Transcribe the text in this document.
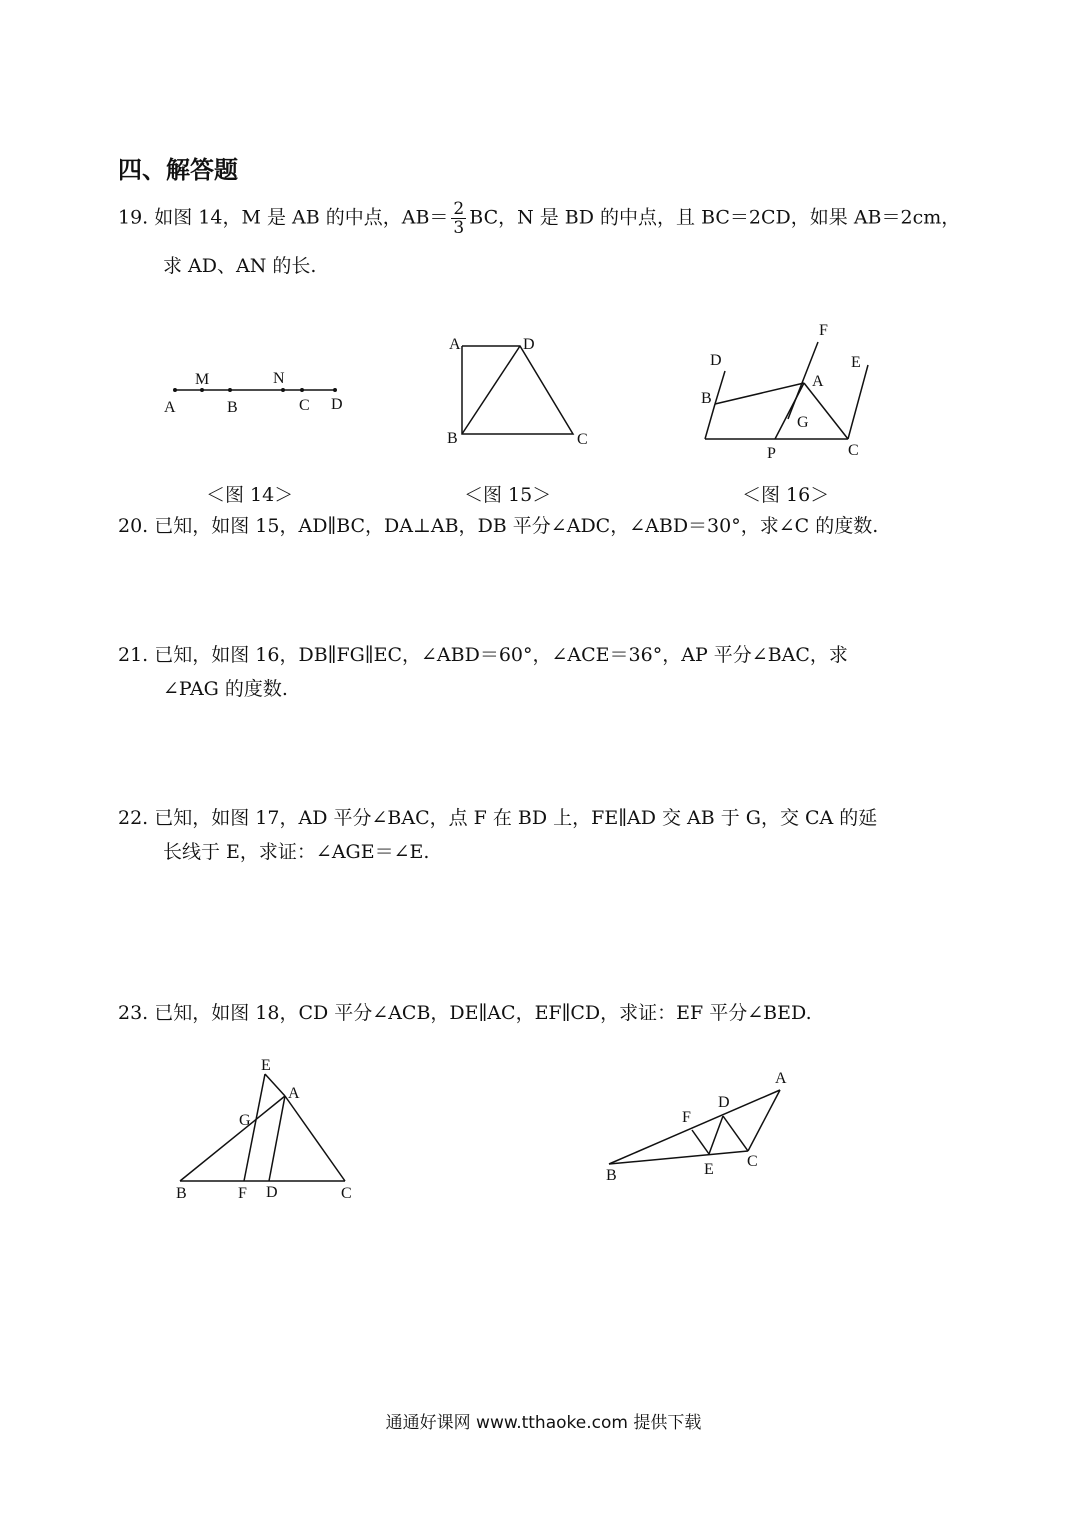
四、解答题
19. 如图 14，M 是 AB 的中点，$AB= \frac{2}{3}$ BC，N 是 BD 的中点，且 BC＝2CD，如果 AB＝2cm，
求 AD、AN 的长.
A
M
B
N
C D
A	D
B	C
D
F
E
B
A
G
P	C
＜图 14＞	＜图 15＞	＜图 16＞
20. 已知，如图 15，AD∥BC，DA⊥AB，DB 平分∠ADC，∠ABD＝30°，求∠C 的度数.
21. 已知，如图 16，DB∥FG∥EC，∠ABD＝60°，∠ACE＝36°，AP 平分∠BAC，求
∠PAG 的度数.
22. 已知，如图 17，AD 平分∠BAC，点 F 在 BD 上，FE∥AD 交 AB 于 G，交 CA 的延
长线于 E，求证：∠AGE＝∠E.
23. 已知，如图 18，CD 平分∠ACB，DE∥AC，EF∥CD，求证：EF 平分∠BED.
E
A
G
B	F D	C
A
D
F
B	E C
通通好课网 www.tthaoke.com 提供下载
